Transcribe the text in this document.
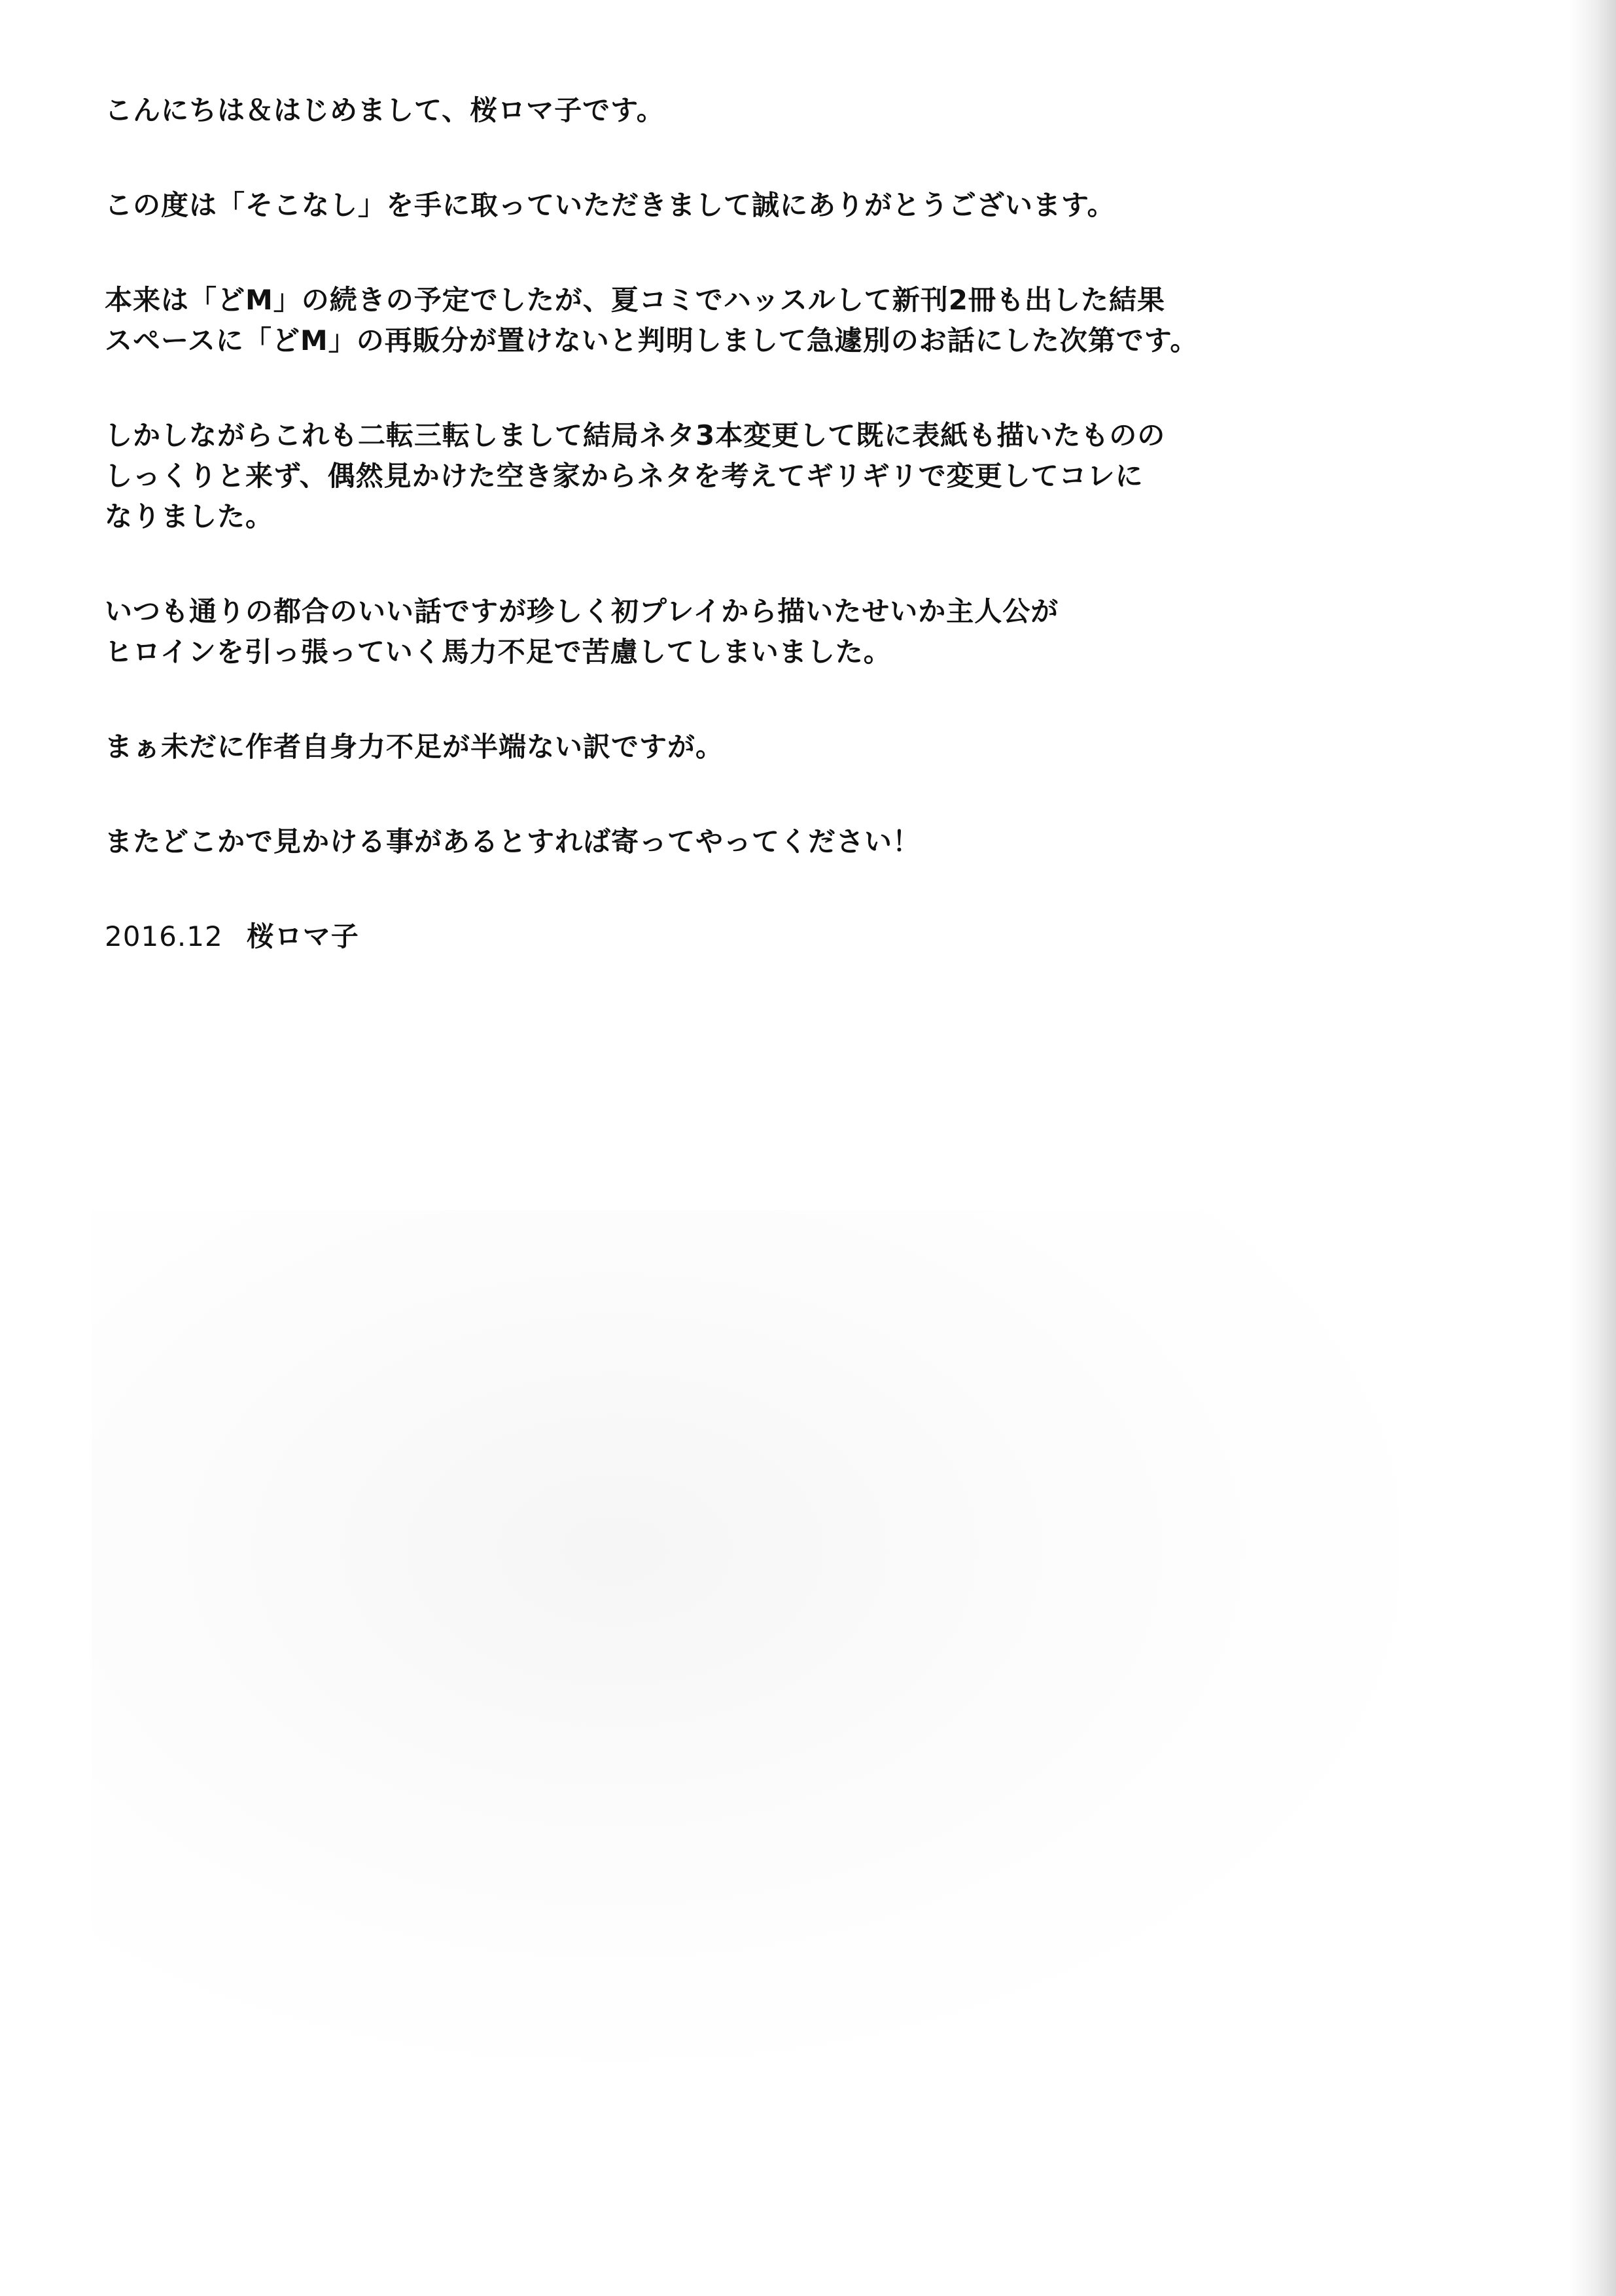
こんにちは＆はじめまして、桜ロマ子です。
この度は「そこなし」を手に取っていただきまして誠にありがとうございます。
本来は「どM」の続きの予定でしたが、夏コミでハッスルして新刊2冊も出した結果
スペースに「どM」の再販分が置けないと判明しまして急遽別のお話にした次第です。
しかしながらこれも二転三転しまして結局ネタ3本変更して既に表紙も描いたものの
しっくりと来ず、偶然見かけた空き家からネタを考えてギリギリで変更してコレに
なりました。
いつも通りの都合のいい話ですが珍しく初プレイから描いたせいか主人公が
ヒロインを引っ張っていく馬力不足で苦慮してしまいました。
まぁ未だに作者自身力不足が半端ない訳ですが。
またどこかで見かける事があるとすれば寄ってやってください！
2016.12 桜ロマ子
